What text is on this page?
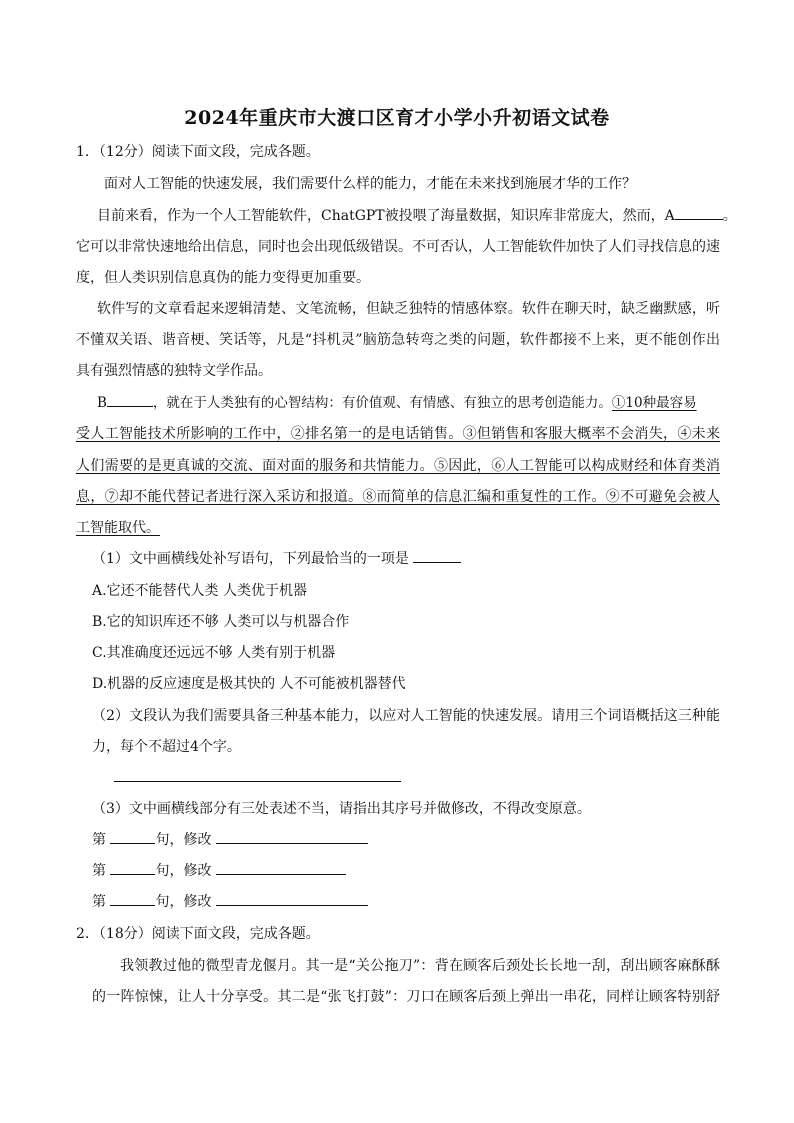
2024年重庆市大渡口区育才小学小升初语文试卷
1．（12分）阅读下面文段，完成各题。
面对人工智能的快速发展，我们需要什么样的能力，才能在未来找到施展才华的工作？
目前来看，作为一个人工智能软件，ChatGPT被投喂了海量数据，知识库非常庞大，然而，A	。
它可以非常快速地给出信息，同时也会出现低级错误。不可否认，人工智能软件加快了人们寻找信息的速
度，但人类识别信息真伪的能力变得更加重要。
软件写的文章看起来逻辑清楚、文笔流畅，但缺乏独特的情感体察。软件在聊天时，缺乏幽默感，听
不懂双关语、谐音梗、笑话等，凡是“抖机灵”脑筋急转弯之类的问题，软件都接不上来，更不能创作出
具有强烈情感的独特文学作品。
B	，就在于人类独有的心智结构：有价值观、有情感、有独立的思考创造能力。①10种最容易
受人工智能技术所影响的工作中，②排名第一的是电话销售。③但销售和客服大概率不会消失，④未来
人们需要的是更真诚的交流、面对面的服务和共情能力。⑤因此，⑥人工智能可以构成财经和体育类消
息，⑦却不能代替记者进行深入采访和报道。⑧而简单的信息汇编和重复性的工作。⑨不可避免会被人
工智能取代。
（1）文中画横线处补写语句，下列最恰当的一项是
A.它还不能替代人类 人类优于机器
B.它的知识库还不够 人类可以与机器合作
C.其准确度还远远不够 人类有别于机器
D.机器的反应速度是极其快的 人不可能被机器替代
（2）文段认为我们需要具备三种基本能力，以应对人工智能的快速发展。请用三个词语概括这三种能
力，每个不超过4个字。
（3）文中画横线部分有三处表述不当，请指出其序号并做修改，不得改变原意。
第	句，修改
第	句，修改
第	句，修改
2．（18分）阅读下面文段，完成各题。
我领教过他的微型青龙偃月。其一是“关公拖刀”：背在顾客后颈处长长地一刮，刮出顾客麻酥酥
的一阵惊悚，让人十分享受。其二是“张飞打鼓”：刀口在顾客后颈上弹出一串花，同样让顾客特别舒
